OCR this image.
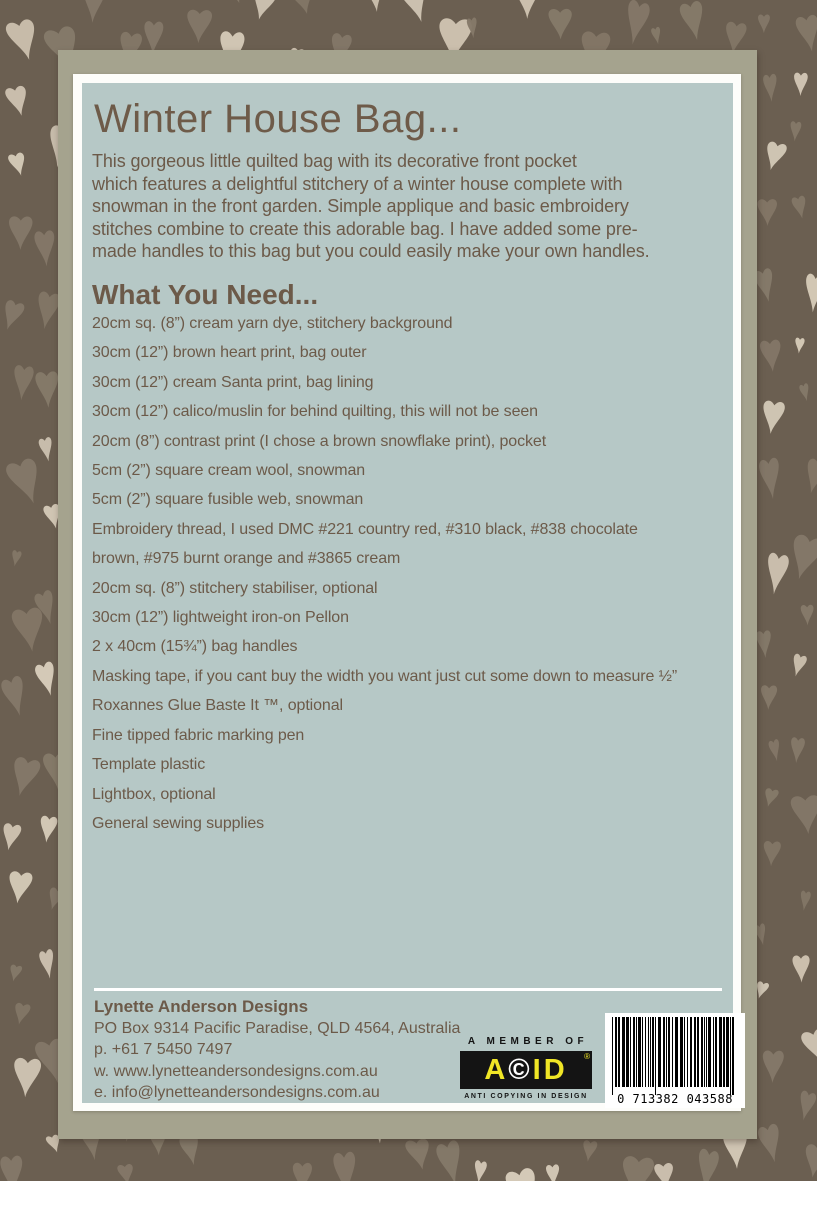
Winter House Bag...
This gorgeous little quilted bag with its decorative front pocket
which features a delightful stitchery of a winter house complete with
snowman in the front garden. Simple applique and basic embroidery
stitches combine to create this adorable bag. I have added some pre-
made handles to this bag but you could easily make your own handles.
What You Need...
20cm sq. (8”) cream yarn dye, stitchery background
30cm (12”) brown heart print, bag outer
30cm (12”) cream Santa print, bag lining
30cm (12”) calico/muslin for behind quilting, this will not be seen
20cm (8”) contrast print (I chose a brown snowflake print), pocket
5cm (2”) square cream wool, snowman
5cm (2”) square fusible web, snowman
Embroidery thread, I used DMC #221 country red, #310 black, #838 chocolate
brown, #975 burnt orange and #3865 cream
20cm sq. (8”) stitchery stabiliser, optional
30cm (12”) lightweight iron-on Pellon
2 x 40cm (15¾”) bag handles
Masking tape, if you cant buy the width you want just cut some down to measure ½”
Roxannes Glue Baste It ™, optional
Fine tipped fabric marking pen
Template plastic
Lightbox, optional
General sewing supplies
Lynette Anderson Designs
PO Box 9314 Pacific Paradise, QLD 4564, Australia
p. +61 7 5450 7497
w. www.lynetteandersondesigns.com.au
e. info@lynetteandersondesigns.com.au
A MEMBER OF
A © I D ®
ANTI COPYING IN DESIGN	0 713382 043588
